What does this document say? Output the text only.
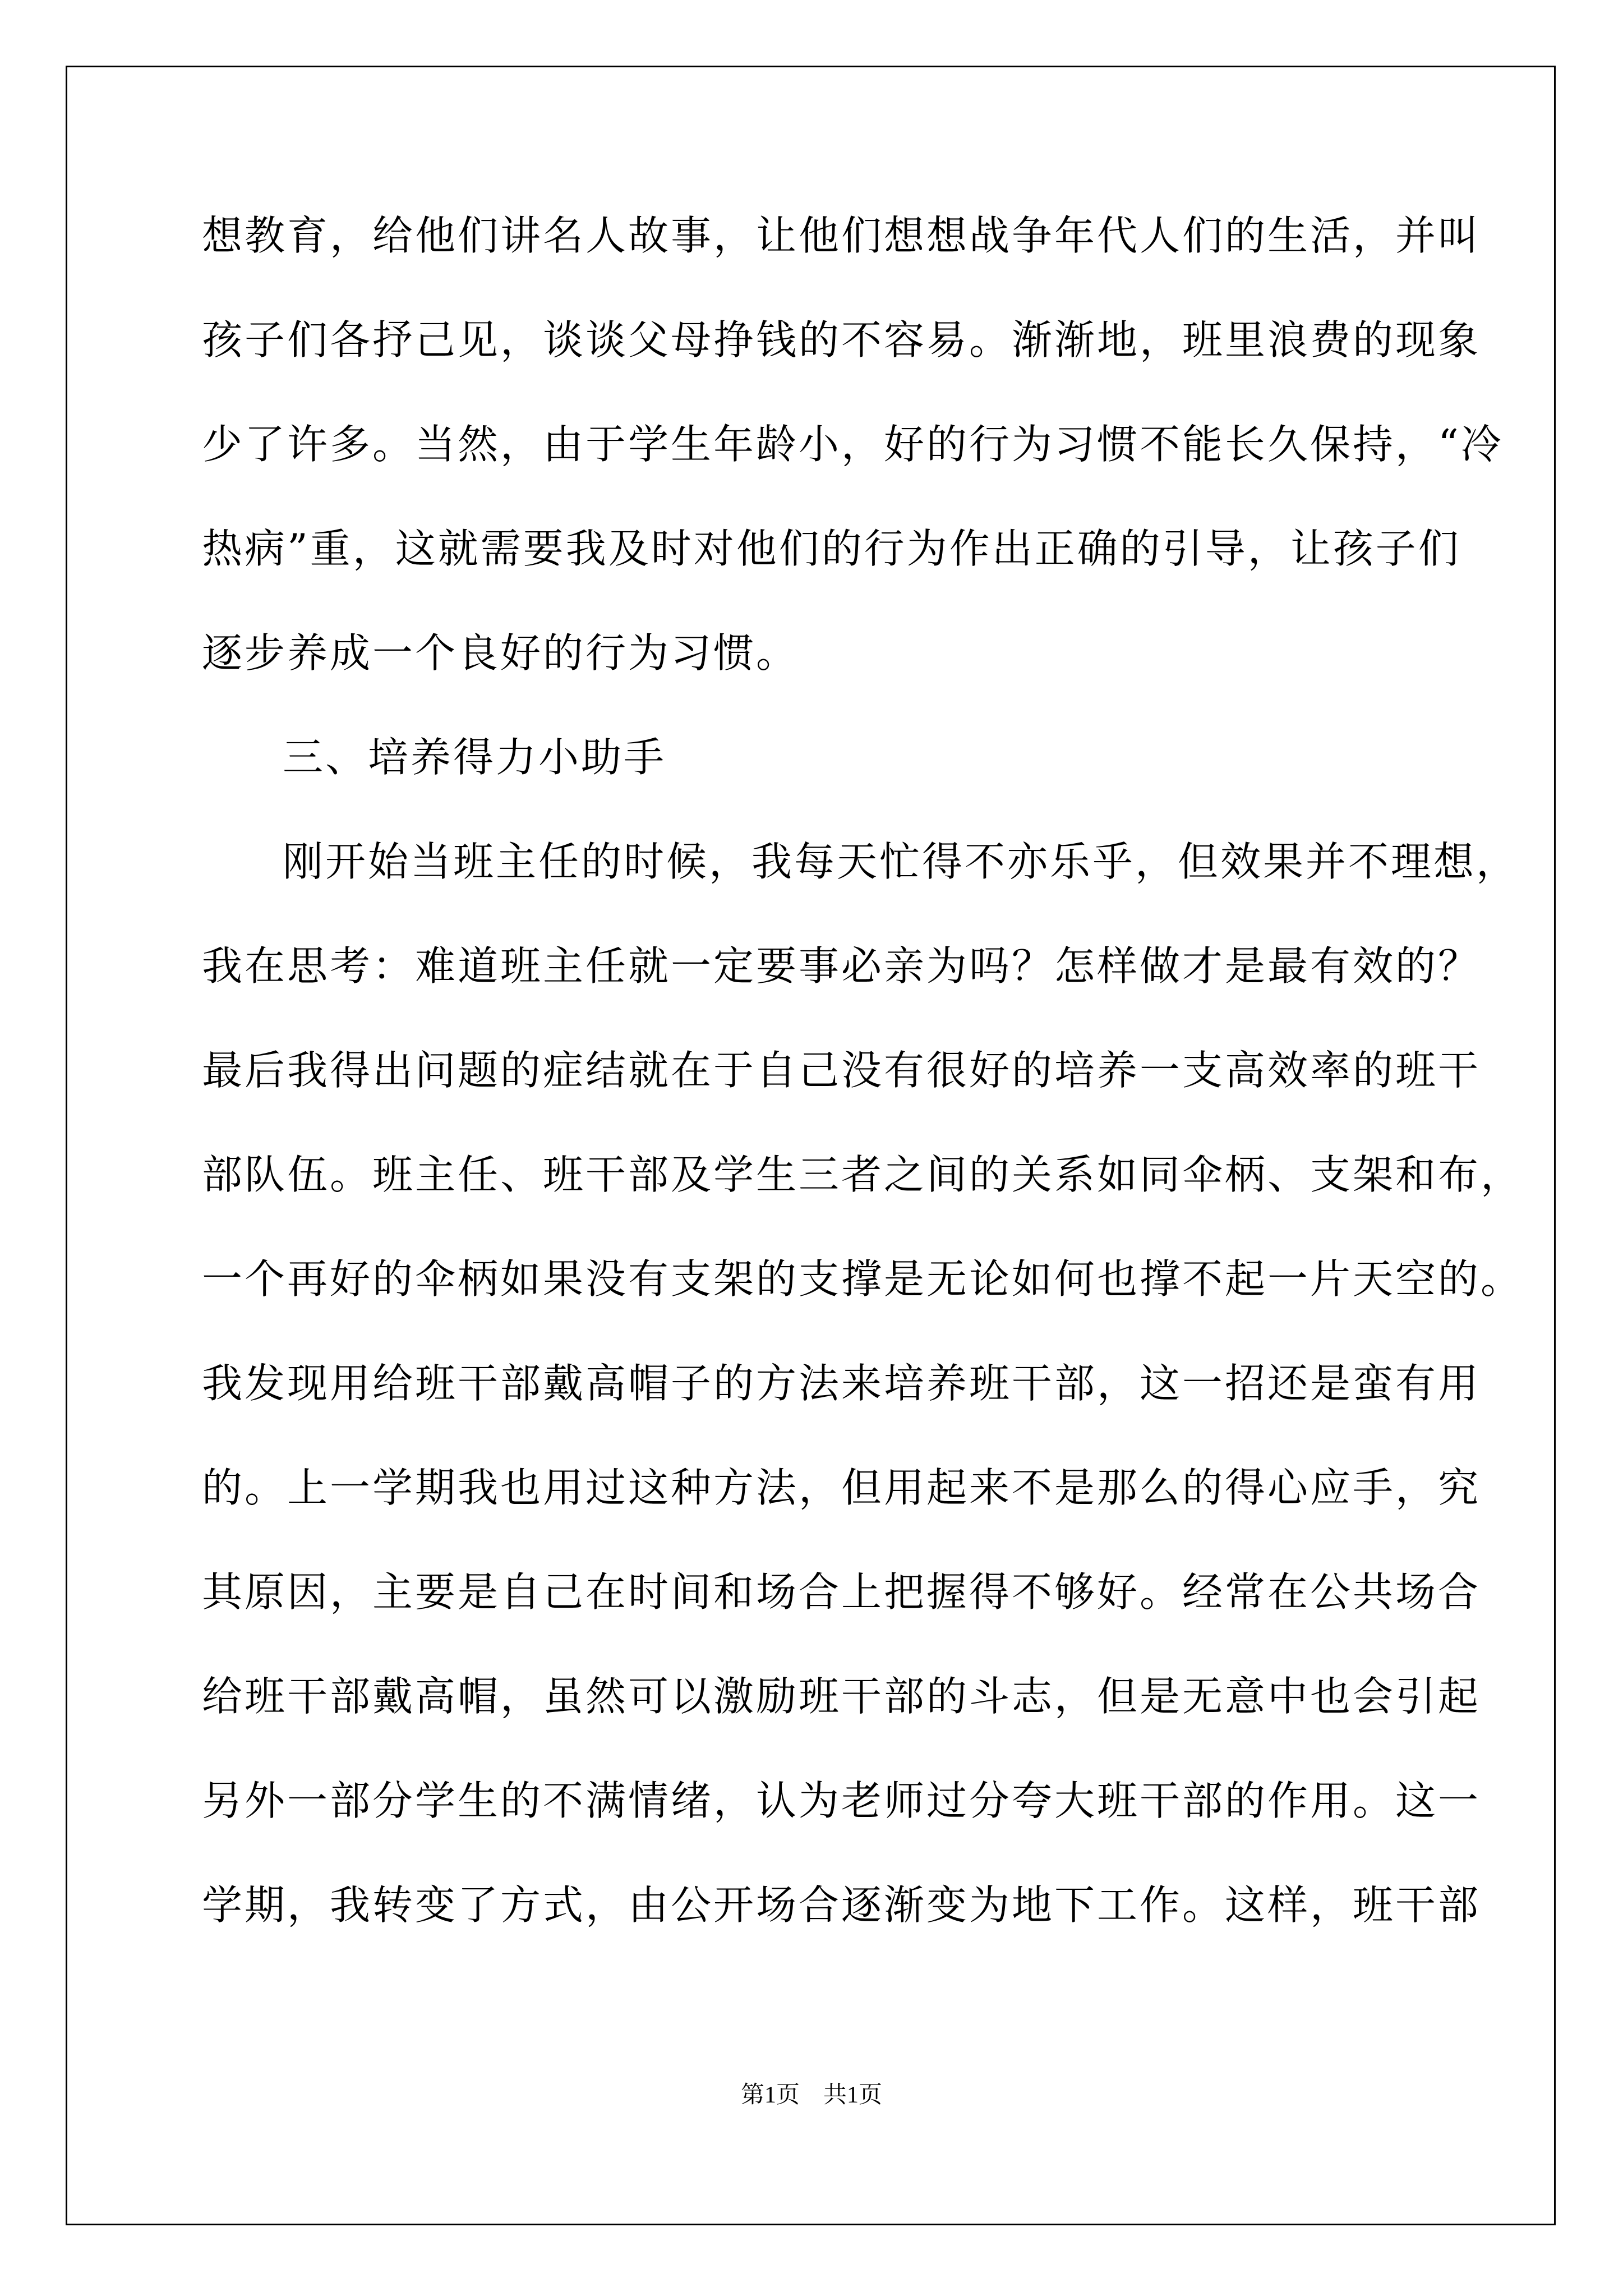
想教育，给他们讲名人故事，让他们想想战争年代人们的生活，并叫
孩子们各抒己见，谈谈父母挣钱的不容易。渐渐地，班里浪费的现象
少了许多。当然，由于学生年龄小，好的行为习惯不能长久保持，“冷
热病”重，这就需要我及时对他们的行为作出正确的引导，让孩子们
逐步养成一个良好的行为习惯。
三、培养得力小助手
刚开始当班主任的时候，我每天忙得不亦乐乎，但效果并不理想，
我在思考：难道班主任就一定要事必亲为吗？怎样做才是最有效的？
最后我得出问题的症结就在于自己没有很好的培养一支高效率的班干
部队伍。班主任、班干部及学生三者之间的关系如同伞柄、支架和布，
一个再好的伞柄如果没有支架的支撑是无论如何也撑不起一片天空的。
我发现用给班干部戴高帽子的方法来培养班干部，这一招还是蛮有用
的。上一学期我也用过这种方法，但用起来不是那么的得心应手，究
其原因，主要是自己在时间和场合上把握得不够好。经常在公共场合
给班干部戴高帽，虽然可以激励班干部的斗志，但是无意中也会引起
另外一部分学生的不满情绪，认为老师过分夸大班干部的作用。这一
学期，我转变了方式，由公开场合逐渐变为地下工作。这样，班干部
第1页　共1页
